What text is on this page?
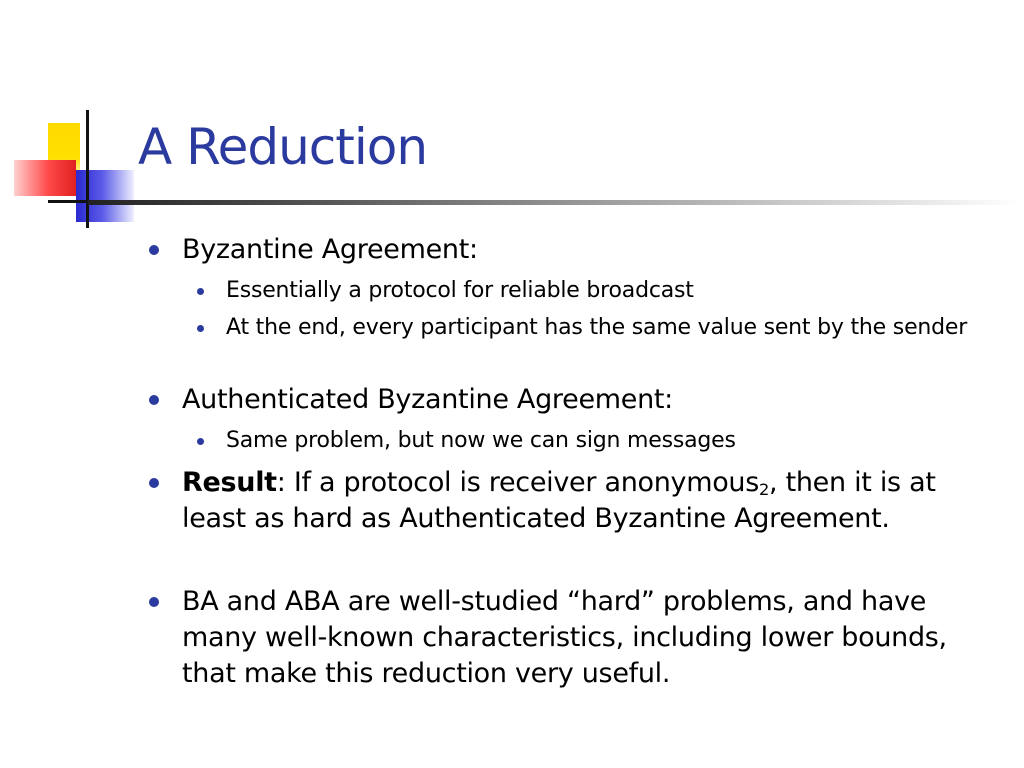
A Reduction
Byzantine Agreement:
Essentially a protocol for reliable broadcast
At the end, every participant has the same value sent by the sender
Authenticated Byzantine Agreement:
Same problem, but now we can sign messages
Result: If a protocol is receiver anonymous$_2$, then it is at least as hard as Authenticated Byzantine Agreement.
BA and ABA are well-studied “hard” problems, and have many well-known characteristics, including lower bounds, that make this reduction very useful.
